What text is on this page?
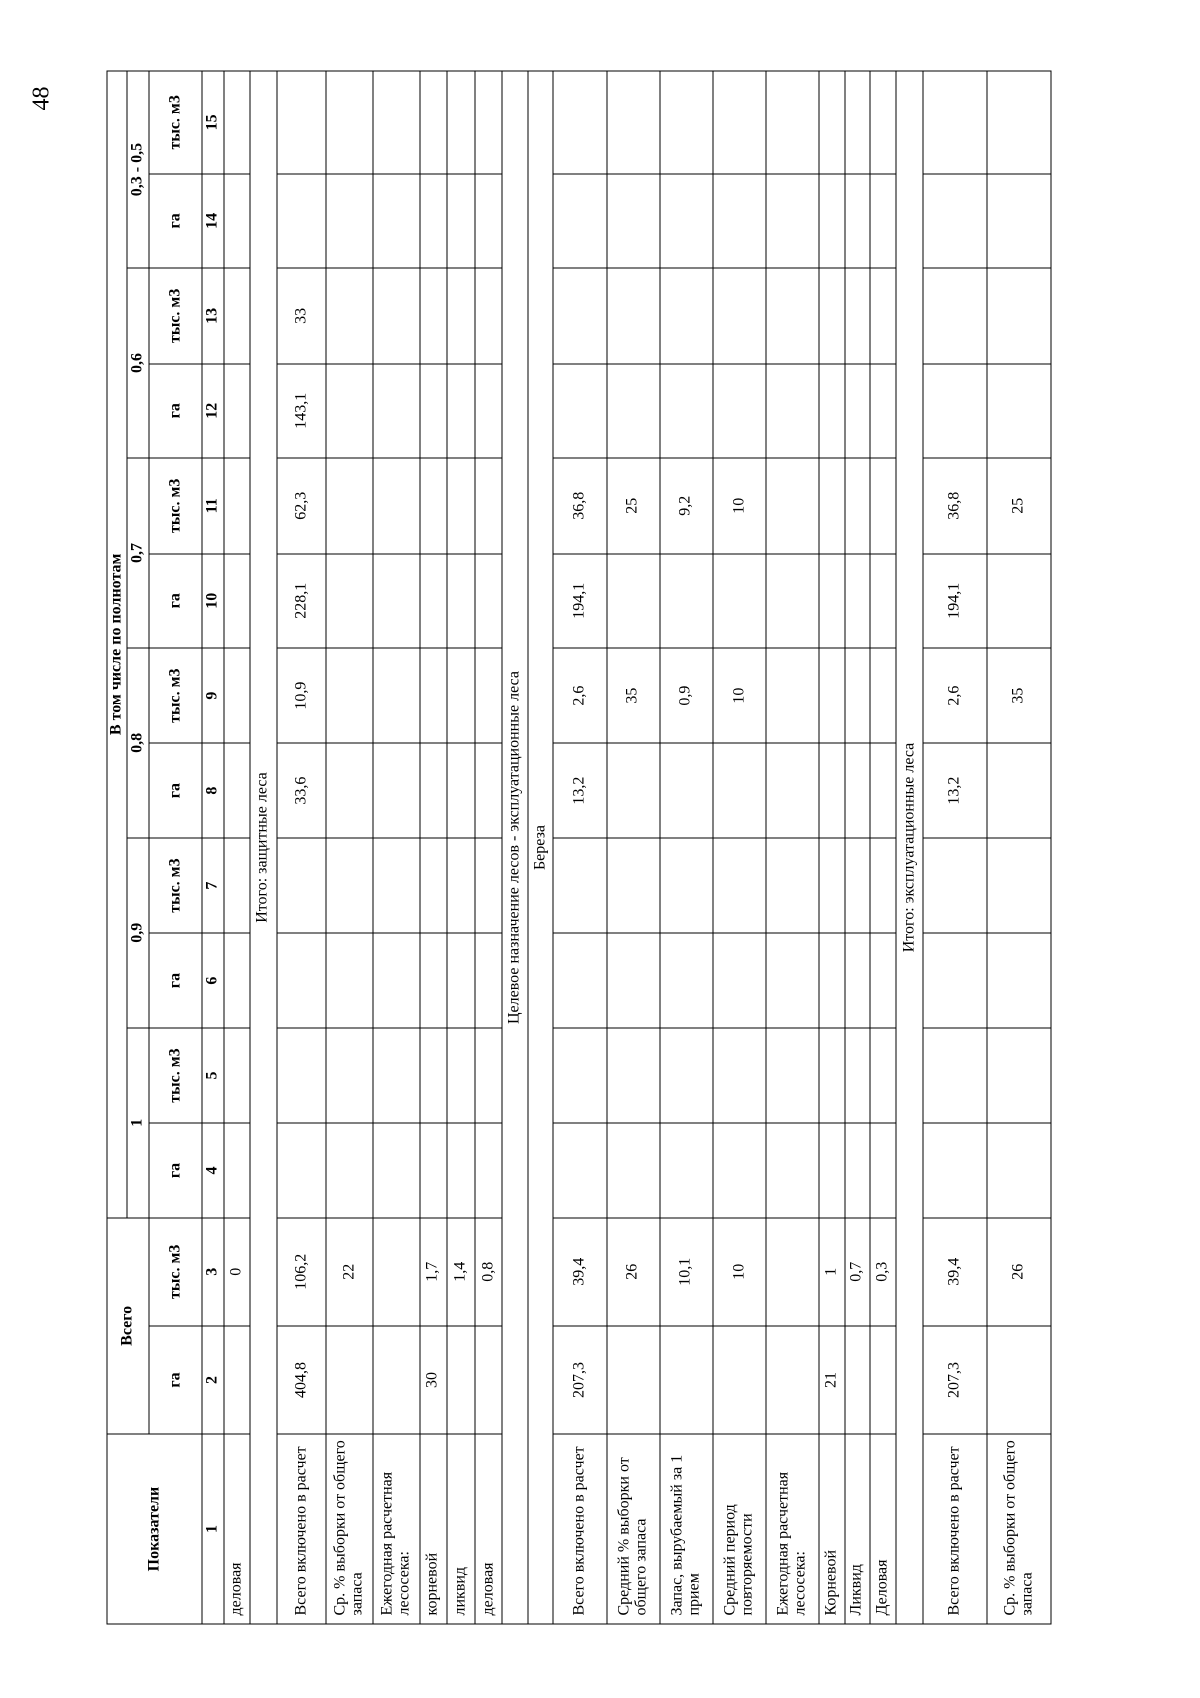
48
Показатели	Всего		В том числе по полнотам											
			1		0,9		0,8		0,7		0,6		0,3 - 0,5	
	га	тыс. м3	га	тыс. м3	га	тыс. м3	га	тыс. м3	га	тыс. м3	га	тыс. м3	га	тыс. м3
1	2	3	4	5	6	7	8	9	10	11	12	13	14	15
деловая		0												
Итого: защитные леса														
Всего включено в расчет	404,8	106,2					33,6	10,9	228,1	62,3	143,1	33		
Ср. % выборки от общего запаса		22												
Ежегодная расчетная лесосека:														
корневой	30	1,7												
ликвид		1,4												
деловая		0,8												
Целевое назначение лесов - эксплуатационные леса														
Береза														
Всего включено в расчет	207,3	39,4					13,2	2,6	194,1	36,8				
Средний % выборки от общего запаса		26						35		25				
Запас, вырубаемый за 1 прием		10,1						0,9		9,2				
Средний период повторяемости		10						10		10				
Ежегодная расчетная лесосека:														
Корневой	21	1												
Ликвид		0,7												
Деловая		0,3												
Итого: эксплуатационные леса														
Всего включено в расчет	207,3	39,4					13,2	2,6	194,1	36,8				
Ср. % выборки от общего запаса		26						35		25				
